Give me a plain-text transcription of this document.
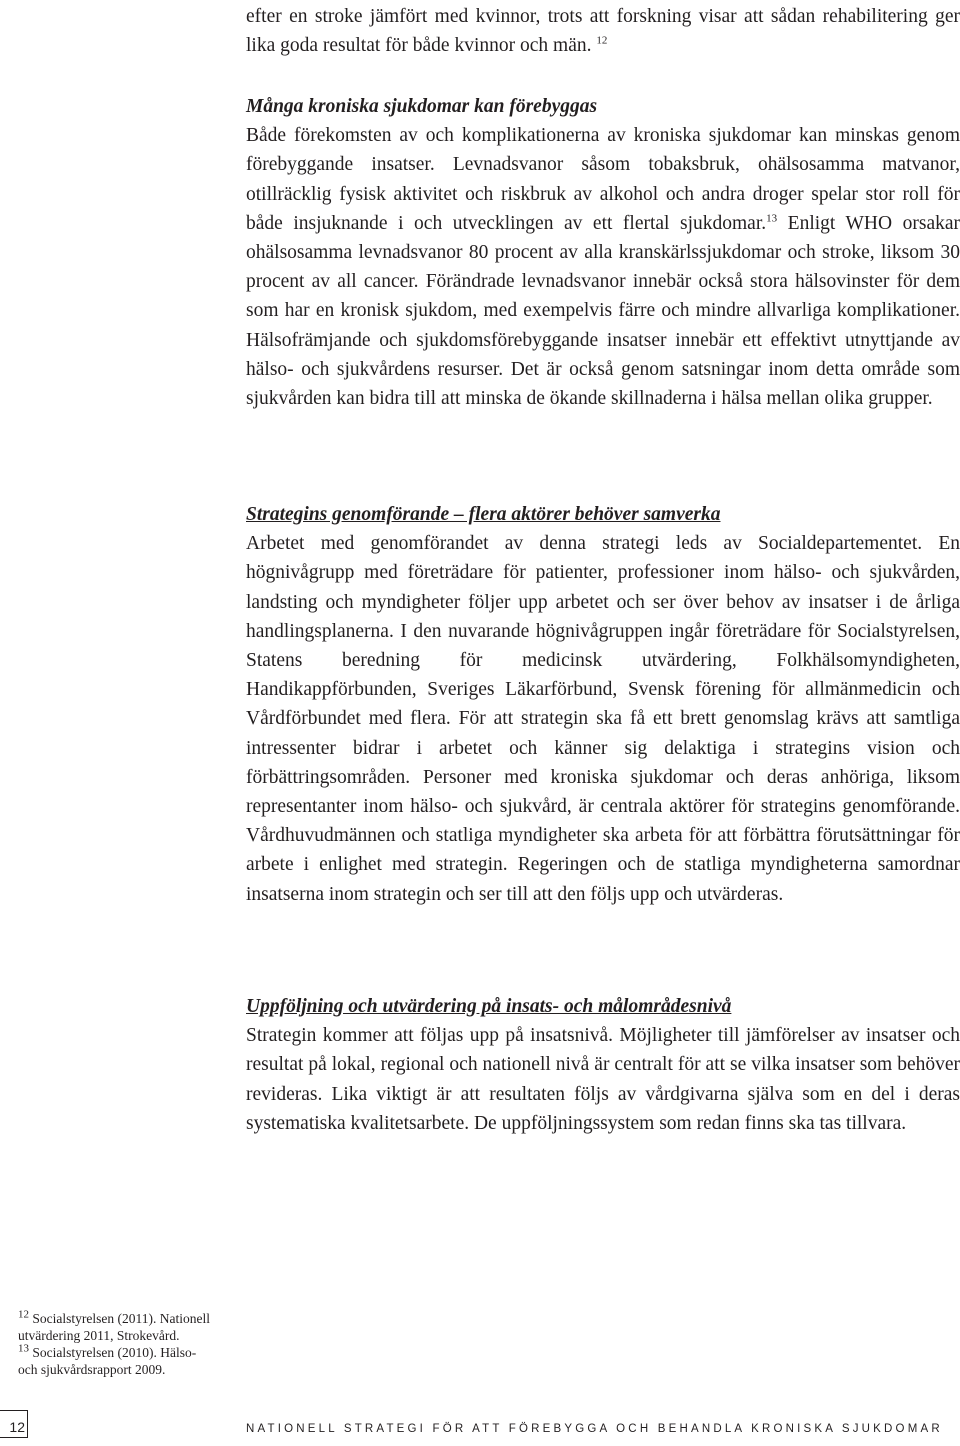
efter en stroke jämfört med kvinnor, trots att forskning visar att sådan rehabilitering ger lika goda resultat för både kvinnor och män. $^{12}$

Många kroniska sjukdomar kan förebyggas

Både förekomsten av och komplikationerna av kroniska sjukdomar kan minskas genom förebyggande insatser. Levnadsvanor såsom tobaksbruk, ohälsosamma matvanor, otillräcklig fysisk aktivitet och riskbruk av alkohol och andra droger spelar stor roll för både insjuknande i och utvecklingen av ett flertal sjukdomar.$^{13}$ Enligt WHO orsakar ohälsosamma levnadsvanor 80 procent av alla kranskärlssjukdomar och stroke, liksom 30 procent av all cancer. Förändrade levnadsvanor innebär också stora hälsovinster för dem som har en kronisk sjukdom, med exempelvis färre och mindre allvarliga komplikationer. Hälsofrämjande och sjukdomsförebyggande insatser innebär ett effektivt utnyttjande av hälso- och sjukvårdens resurser. Det är också genom satsningar inom detta område som sjukvården kan bidra till att minska de ökande skillnaderna i hälsa mellan olika grupper.

Strategins genomförande – flera aktörer behöver samverka

Arbetet med genomförandet av denna strategi leds av Socialdepartementet. En högnivågrupp med företrädare för patienter, professioner inom hälso- och sjukvården, landsting och myndigheter följer upp arbetet och ser över behov av insatser i de årliga handlingsplanerna. I den nuvarande högnivågruppen ingår företrädare för Socialstyrelsen, Statens beredning för medicinsk utvärdering, Folkhälsomyndigheten, Handikappförbunden, Sveriges Läkarförbund, Svensk förening för allmänmedicin och Vårdförbundet med flera. För att strategin ska få ett brett genomslag krävs att samtliga intressenter bidrar i arbetet och känner sig delaktiga i strategins vision och förbättringsområden. Personer med kroniska sjukdomar och deras anhöriga, liksom representanter inom hälso- och sjukvård, är centrala aktörer för strategins genomförande. Vårdhuvudmännen och statliga myndigheter ska arbeta för att förbättra förutsättningar för arbete i enlighet med strategin. Regeringen och de statliga myndigheterna samordnar insatserna inom strategin och ser till att den följs upp och utvärderas.

Uppföljning och utvärdering på insats- och målområdesnivå

Strategin kommer att följas upp på insatsnivå. Möjligheter till jämförelser av insatser och resultat på lokal, regional och nationell nivå är centralt för att se vilka insatser som behöver revideras. Lika viktigt är att resultaten följs av vårdgivarna själva som en del i deras systematiska kvalitetsarbete. De uppföljningssystem som redan finns ska tas tillvara.

$^{12}$ Socialstyrelsen (2011). Nationell utvärdering 2011, Strokevård.
$^{13}$ Socialstyrelsen (2010). Hälso- och sjukvårdsrapport 2009.
12	NATIONELL STRATEGI FÖR ATT FÖREBYGGA OCH BEHANDLA KRONISKA SJUKDOMAR
